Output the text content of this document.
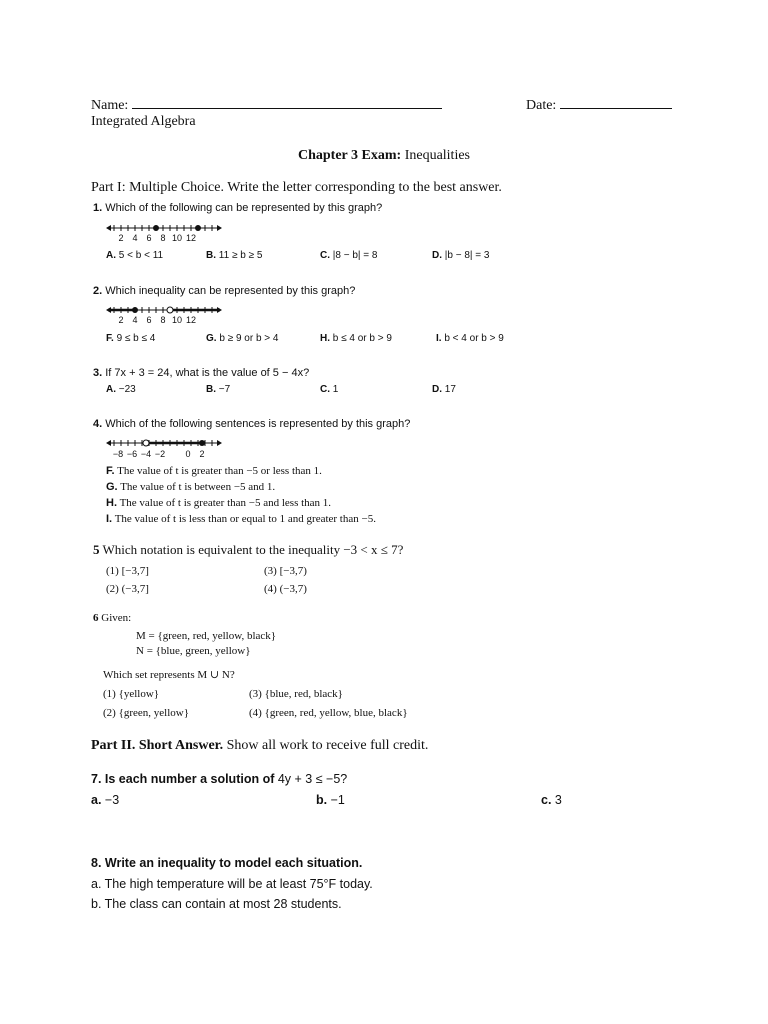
Name:	Date:
Integrated Algebra
Chapter 3 Exam: Inequalities
Part I: Multiple Choice. Write the letter corresponding to the best answer.
1. Which of the following can be represented by this graph?
2 4 6 8 10 12
A. 5 < b < 11	B. 11 ≥ b ≥ 5	C. |8 − b| = 8	D. |b − 8| = 3
2. Which inequality can be represented by this graph?
2 4 6 8 10 12
F. 9 ≤ b ≤ 4	G. b ≥ 9 or b > 4	H. b ≤ 4 or b > 9	I. b < 4 or b > 9
3. If 7x + 3 = 24, what is the value of 5 − 4x?
A. −23	B. −7	C. 1	D. 17
4. Which of the following sentences is represented by this graph?
−8 −6 −4 −2 0 2
F. The value of t is greater than −5 or less than 1.
G. The value of t is between −5 and 1.
H. The value of t is greater than −5 and less than 1.
I. The value of t is less than or equal to 1 and greater than −5.
5 Which notation is equivalent to the inequality −3 < x ≤ 7?
(1) [−3,7]	(3) [−3,7)
(2) (−3,7]	(4) (−3,7)
6 Given:
M = {green, red, yellow, black}
N = {blue, green, yellow}
Which set represents M ∪ N?
(1) {yellow}	(3) {blue, red, black}
(2) {green, yellow}	(4) {green, red, yellow, blue, black}
Part II. Short Answer. Show all work to receive full credit.
7. Is each number a solution of 4y + 3 ≤ −5?
a. −3	b. −1	c. 3
8. Write an inequality to model each situation.
a. The high temperature will be at least 75°F today.
b. The class can contain at most 28 students.
